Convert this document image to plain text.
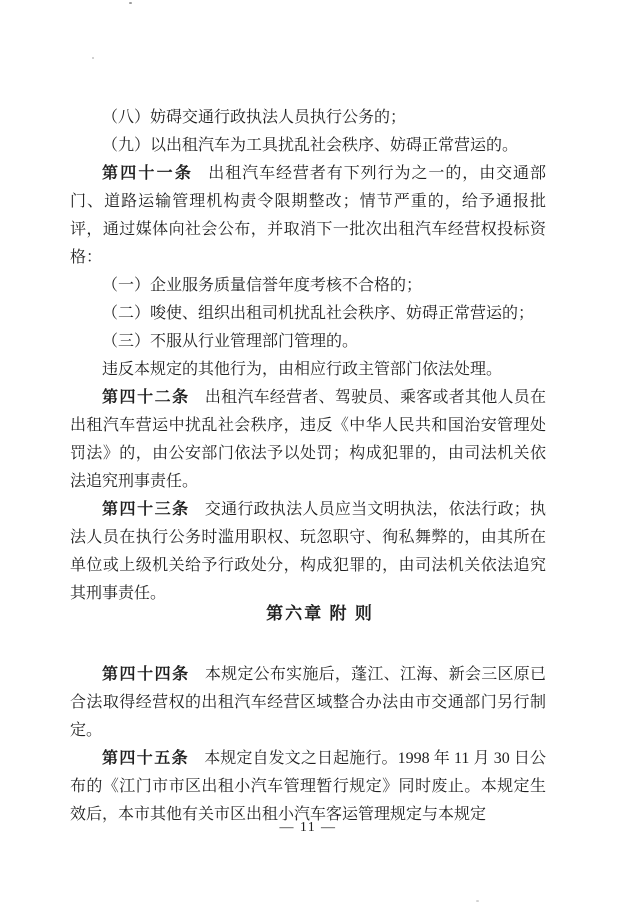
（八）妨碍交通行政执法人员执行公务的；

（九）以出租汽车为工具扰乱社会秩序、妨碍正常营运的。

第四十一条 出租汽车经营者有下列行为之一的，由交通部门、道路运输管理机构责令限期整改；情节严重的，给予通报批评，通过媒体向社会公布，并取消下一批次出租汽车经营权投标资格：

（一）企业服务质量信誉年度考核不合格的；

（二）唆使、组织出租司机扰乱社会秩序、妨碍正常营运的；

（三）不服从行业管理部门管理的。

违反本规定的其他行为，由相应行政主管部门依法处理。

第四十二条 出租汽车经营者、驾驶员、乘客或者其他人员在出租汽车营运中扰乱社会秩序，违反《中华人民共和国治安管理处罚法》的，由公安部门依法予以处罚；构成犯罪的，由司法机关依法追究刑事责任。

第四十三条 交通行政执法人员应当文明执法，依法行政；执法人员在执行公务时滥用职权、玩忽职守、徇私舞弊的，由其所在单位或上级机关给予行政处分，构成犯罪的，由司法机关依法追究其刑事责任。

第六章 附 则

第四十四条 本规定公布实施后，蓬江、江海、新会三区原已合法取得经营权的出租汽车经营区域整合办法由市交通部门另行制定。

第四十五条 本规定自发文之日起施行。1998 年 11 月 30 日公布的《江门市市区出租小汽车管理暂行规定》同时废止。本规定生效后，本市其他有关市区出租小汽车客运管理规定与本规定

— 11 —
